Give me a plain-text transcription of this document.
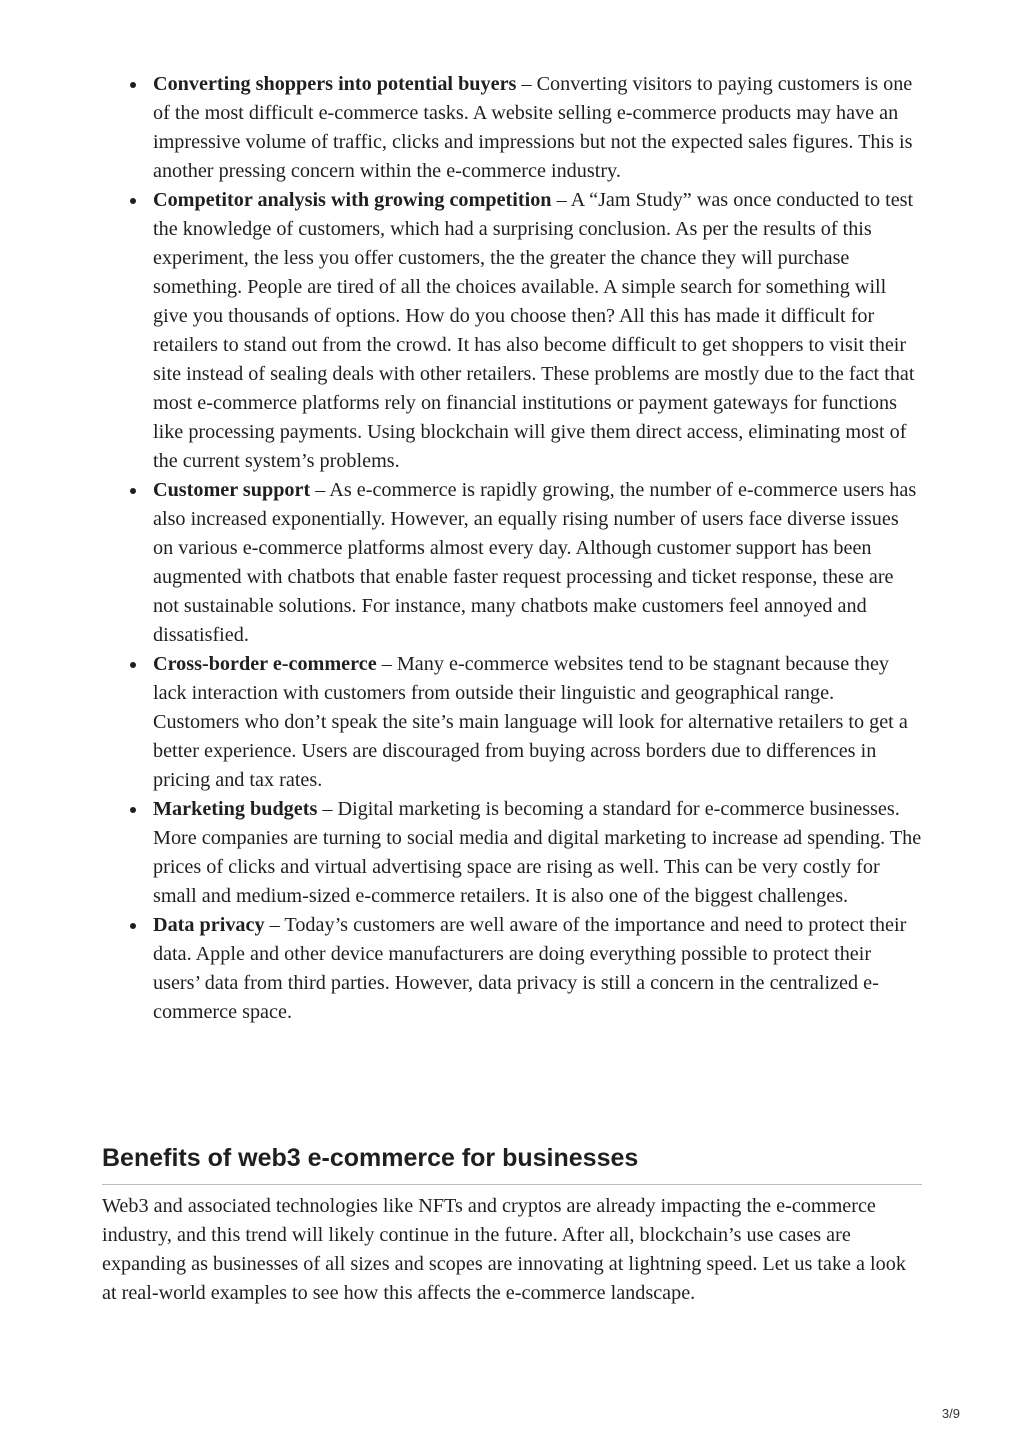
Converting shoppers into potential buyers – Converting visitors to paying customers is one of the most difficult e-commerce tasks. A website selling e-commerce products may have an impressive volume of traffic, clicks and impressions but not the expected sales figures. This is another pressing concern within the e-commerce industry.
Competitor analysis with growing competition – A “Jam Study” was once conducted to test the knowledge of customers, which had a surprising conclusion. As per the results of this experiment, the less you offer customers, the the greater the chance they will purchase something. People are tired of all the choices available. A simple search for something will give you thousands of options. How do you choose then? All this has made it difficult for retailers to stand out from the crowd. It has also become difficult to get shoppers to visit their site instead of sealing deals with other retailers. These problems are mostly due to the fact that most e-commerce platforms rely on financial institutions or payment gateways for functions like processing payments. Using blockchain will give them direct access, eliminating most of the current system’s problems.
Customer support – As e-commerce is rapidly growing, the number of e-commerce users has also increased exponentially. However, an equally rising number of users face diverse issues on various e-commerce platforms almost every day. Although customer support has been augmented with chatbots that enable faster request processing and ticket response, these are not sustainable solutions. For instance, many chatbots make customers feel annoyed and dissatisfied.
Cross-border e-commerce – Many e-commerce websites tend to be stagnant because they lack interaction with customers from outside their linguistic and geographical range. Customers who don’t speak the site’s main language will look for alternative retailers to get a better experience. Users are discouraged from buying across borders due to differences in pricing and tax rates.
Marketing budgets – Digital marketing is becoming a standard for e-commerce businesses. More companies are turning to social media and digital marketing to increase ad spending. The prices of clicks and virtual advertising space are rising as well. This can be very costly for small and medium-sized e-commerce retailers. It is also one of the biggest challenges.
Data privacy – Today’s customers are well aware of the importance and need to protect their data. Apple and other device manufacturers are doing everything possible to protect their users’ data from third parties. However, data privacy is still a concern in the centralized e-commerce space.
Benefits of web3 e-commerce for businesses

Web3 and associated technologies like NFTs and cryptos are already impacting the e-commerce industry, and this trend will likely continue in the future. After all, blockchain’s use cases are expanding as businesses of all sizes and scopes are innovating at lightning speed. Let us take a look at real-world examples to see how this affects the e-commerce landscape.

3/9
